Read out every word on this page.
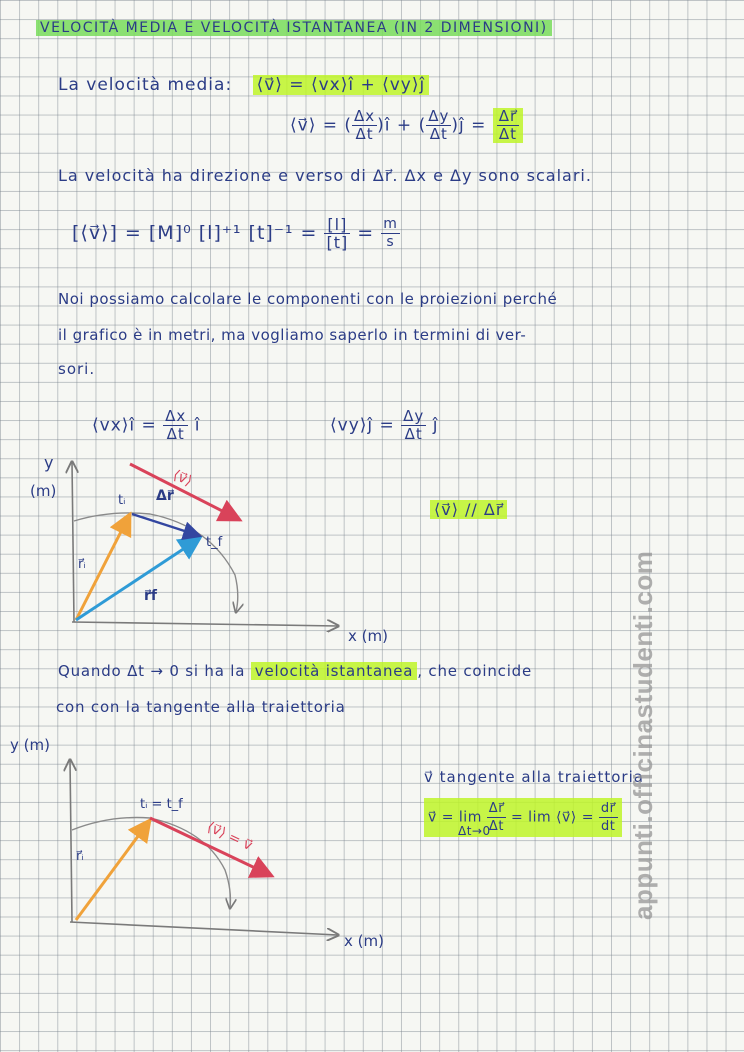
VELOCITÀ MEDIA E VELOCITÀ ISTANTANEA (IN 2 DIMENSIONI)
La velocità media: ⟨v⃗⟩ = ⟨vx⟩î + ⟨vy⟩ĵ
⟨v⃗⟩ = ( $\frac{\Delta x}{\Delta t}$ )î + ( $\frac{\Delta y}{\Delta t}$ )ĵ = $\frac{\Delta r⃗}{\Delta t}$
La velocità ha direzione e verso di Δr⃗. Δx e Δy sono scalari.
[⟨v⃗⟩] = [M]⁰ [l]⁺¹ $[t]^{-1} = \frac{[l]}{[t]} = \frac{m}{s}$
Noi possiamo calcolare le componenti con le proiezioni perché
il grafico è in metri, ma vogliamo saperlo in termini di ver-
sori.
⟨vx⟩î = $\frac{\Delta x}{\Delta t}$ î	⟨vy⟩ĵ = $\frac{\Delta y}{\Delta t}$ ĵ
⟨v⃗⟩ // Δr⃗
y
(m)
x (m)
tᵢ
t_f
r⃗ᵢ
r⃗f
Δr⃗
⟨v⃗⟩
y (m)
x (m)
tᵢ = t_f
r⃗ᵢ
⟨v⃗⟩ = v⃗
Quando Δt → 0 si ha la velocità istantanea , che coincide
con con la tangente alla traiettoria
v⃗ tangente alla traiettoria
v⃗ = $\lim \frac{\Delta r⃗}{\Delta t} = \lim$ ⟨v⃗⟩ = $\frac{dr⃗}{dt}$
Δt→0	appunti.officinastudenti.com
